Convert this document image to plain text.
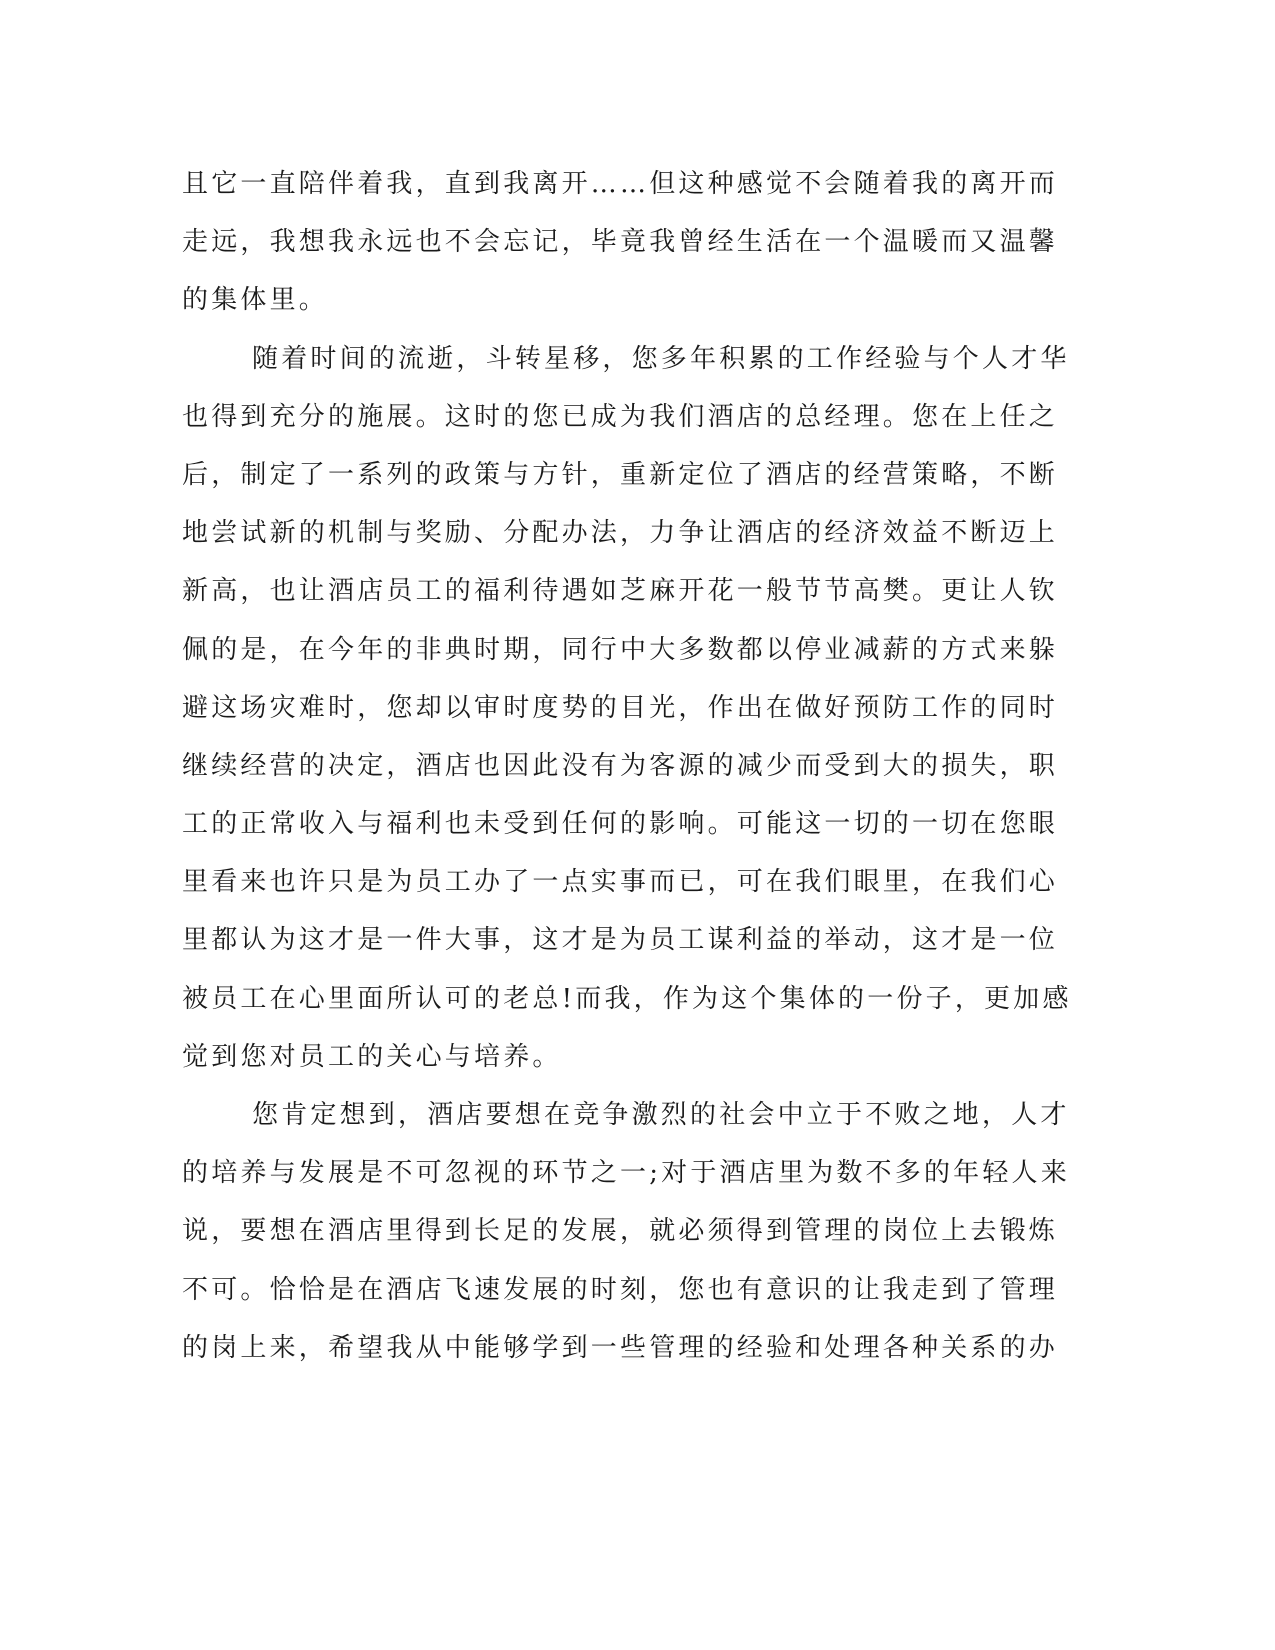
且它一直陪伴着我，直到我离开……但这种感觉不会随着我的离开而
走远，我想我永远也不会忘记，毕竟我曾经生活在一个温暖而又温馨
的集体里。
随着时间的流逝，斗转星移，您多年积累的工作经验与个人才华
也得到充分的施展。这时的您已成为我们酒店的总经理。您在上任之
后，制定了一系列的政策与方针，重新定位了酒店的经营策略，不断
地尝试新的机制与奖励、分配办法，力争让酒店的经济效益不断迈上
新高，也让酒店员工的福利待遇如芝麻开花一般节节高樊。更让人钦
佩的是，在今年的非典时期，同行中大多数都以停业减薪的方式来躲
避这场灾难时，您却以审时度势的目光，作出在做好预防工作的同时
继续经营的决定，酒店也因此没有为客源的减少而受到大的损失，职
工的正常收入与福利也未受到任何的影响。可能这一切的一切在您眼
里看来也许只是为员工办了一点实事而已，可在我们眼里，在我们心
里都认为这才是一件大事，这才是为员工谋利益的举动，这才是一位
被员工在心里面所认可的老总!而我，作为这个集体的一份子，更加感
觉到您对员工的关心与培养。
您肯定想到，酒店要想在竞争激烈的社会中立于不败之地，人才
的培养与发展是不可忽视的环节之一;对于酒店里为数不多的年轻人来
说，要想在酒店里得到长足的发展，就必须得到管理的岗位上去锻炼
不可。恰恰是在酒店飞速发展的时刻，您也有意识的让我走到了管理
的岗上来，希望我从中能够学到一些管理的经验和处理各种关系的办
